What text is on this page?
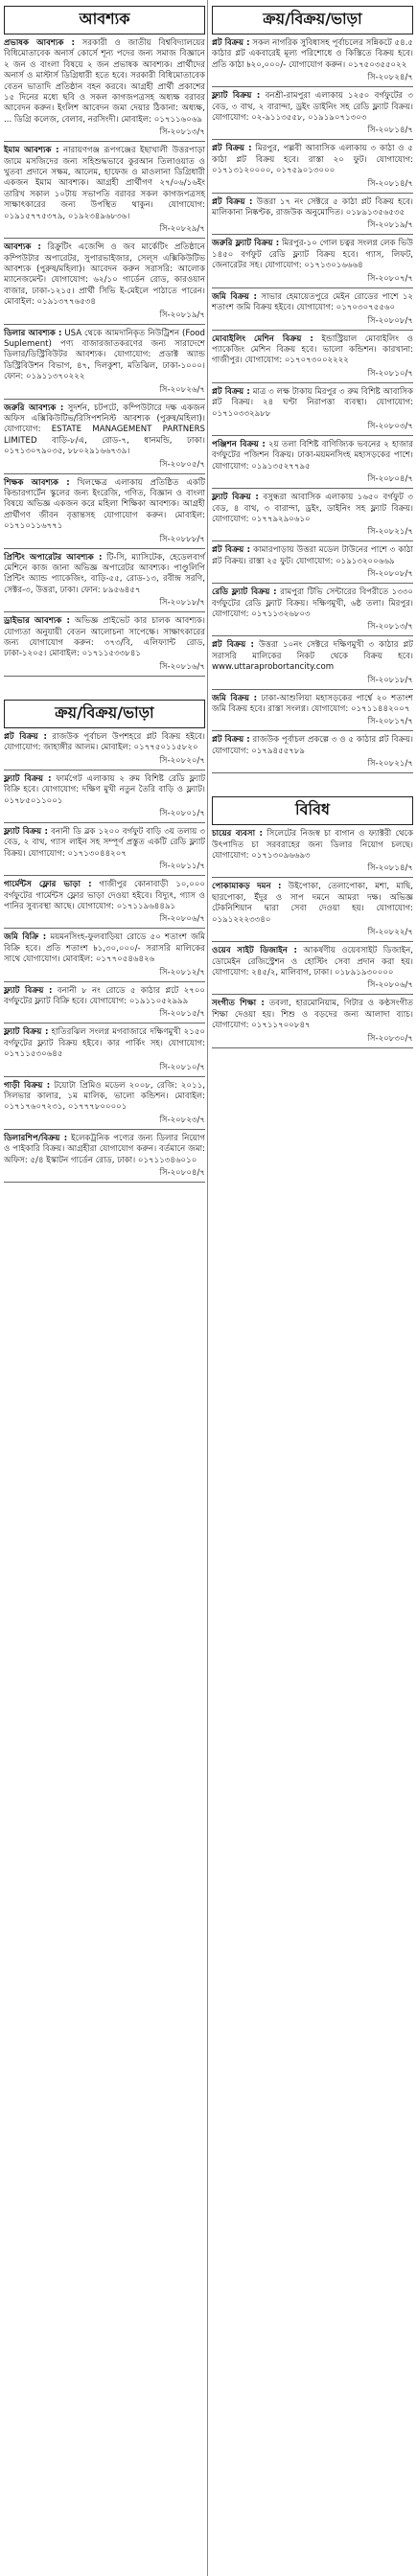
আবশ্যক
প্রভাষক আবশ্যক : সরকারী ও জাতীয় বিশ্ববিদ্যালয়ের বিধিমোতাবেক অনার্স কোর্সে শূন্য পদের জন্য সমাজ বিজ্ঞানে ২ জন ও বাংলা বিষয়ে ২ জন প্রভাষক আবশ্যক। প্রার্থীদের অনার্স ও মাস্টার্স ডিগ্রিধারী হতে হবে। সরকারী বিধিমোতাবেক বেতন ভাতাদি প্রতিষ্ঠান বহন করবে। আগ্রহী প্রার্থী প্রকাশের ১৫ দিনের মধ্যে ছবি ও সকল কাগজপত্রসহ অধ্যক্ষ বরাবর আবেদন করুন। ইংলিশ আবেদন জমা দেয়ার ঠিকানা: অধ্যক্ষ, ... ডিগ্রি কলেজ, বেলাব, নরসিংদী। মোবাইল: ০১৭১১৬০৬৯
সি-২০৮১৩/৭
ইমাম আবশ্যক : নারায়ণগঞ্জ রূপগঞ্জের ইছাখালী উত্তরপাড়া জামে মসজিদের জন্য সহিশুদ্ধভাবে কুরআন তিলাওয়াত ও খুতবা প্রদানে সক্ষম, আলেম, হাফেজ ও মাওলানা ডিগ্রিধারী একজন ইমাম আবশ্যক। আগ্রহী প্রার্থীগণ ২৭/০৬/১৬ইং তারিখ সকাল ১০টায় সভাপতি বরাবর সকল কাগজপত্রসহ সাক্ষাৎকারের জন্য উপস্থিত থাকুন। যোগাযোগ: ০১৯১৫৭৭৫৩৭৯, ০১৯২৩৪৯৬৮৩৬।
সি-২০৮২৯/৭
আবশ্যক : রিক্রুটিং এজেন্সি ও জব মার্কেটিং প্রতিষ্ঠানে কম্পিউটার অপারেটর, সুপারভাইজার, সেল্স এক্সিকিউটিভ আবশ্যক (পুরুষ/মহিলা)। আবেদন করুন সরাসরি: আলোক ম্যানেজমেন্ট। যোগাযোগ: ৬২/১০ গার্ডেন রোড, কারওয়ান বাজার, ঢাকা-১২১৫। প্রার্থী সিভি ই-মেইলে পাঠাতে পারেন। মোবাইল: ০১৯১৩৭৭৬৫৩৪
সি-২০৮১৯/৭
ডিলার আবশ্যক : USA থেকে আমদানিকৃত নিউট্রিশন (Food Suplement) পণ্য বাজারজাতকরণের জন্য সারাদেশে ডিলার/ডিস্ট্রিবিউটর আবশ্যক। যোগাযোগ: প্রডাক্ট অ্যান্ড ডিস্ট্রিবিউশন বিভাগ, ৪৭, দিলকুশা, মতিঝিল, ঢাকা-১০০০। ফোন: ০১৯১১৩৭০২২২
সি-২০৮২৬/৭
জরুরি আবশ্যক : সুদর্শন, চটপটে, কম্পিউটারে দক্ষ একজন অফিস এক্সিকিউটিভ/রিসিপশনিস্ট আবশ্যক (পুরুষ/মহিলা)। যোগাযোগ: ESTATE MANAGEMENT PARTNERS LIMITED বাড়ি-৮/এ, রোড-৭, ধানমন্ডি, ঢাকা। ০১৭১৩০৭৯০৩৫, ৮৮০২৯১৬৬৭৩৯।
সি-২০৮০৫/৭
শিক্ষক আবশ্যক : খিলক্ষেত্র এলাকায় প্রতিষ্ঠিত একটি কিন্ডারগার্টেন স্কুলের জন্য ইংরেজি, গণিত, বিজ্ঞান ও বাংলা বিষয়ে অভিজ্ঞ একজন করে মহিলা শিক্ষিকা আবশ্যক। আগ্রহী প্রার্থীগণ জীবন বৃত্তান্তসহ যোগাযোগ করুন। মোবাইল: ০১৭১০১১৬৭৭১
সি-২০৮৮৮/৭
প্রিন্টিং অপারেটর আবশ্যক : টি-সি, ম্যাসিটেক, হেডেলবার্গ মেশিনে কাজ জানা অভিজ্ঞ অপারেটর আবশ্যক। পাণ্ডুলিপি প্রিন্টিং অ্যান্ড প্যাকেজিং, বাড়ি-৫৫, রোড-১৩, রবীন্দ্র সরণি, সেক্টর-৩, উত্তরা, ঢাকা। ফোন: ৮৯৫৬৪৫৭
সি-২০৮১৮/৭
ড্রাইভার আবশ্যক : অভিজ্ঞ প্রাইভেট কার চালক আবশ্যক। যোগ্যতা অনুযায়ী বেতন আলোচনা সাপেক্ষে। সাক্ষাৎকারের জন্য যোগাযোগ করুন: ৩৭৩/বি, এলিফ্যান্ট রোড, ঢাকা-১২০৫। মোবাইল: ০১৭১১৫৩৩৮৪১
সি-২০৮১৬/৭
ক্রয়/বিক্রয়/ভাড়া
প্লট বিক্রয় : রাজউক পূর্বাচল উপশহরে প্লট বিক্রয় হইবে। যোগাযোগ: জাহাঙ্গীর আলম। মোবাইল: ০১৭৭৫০১১৫৮২০
সি-২০৮২০/৭
ফ্ল্যাট বিক্রয় : ফার্মগেট এলাকায় ২ রুম বিশিষ্ট রেডি ফ্ল্যাট বিক্রি হবে। যোগাযোগ: দক্ষিণ মুখী নতুন তৈরি বাড়ি ও ফ্ল্যাট। ০১৭৮৫০১১০০১
সি-২০৮০১/৭
ফ্ল্যাট বিক্রয় : বনানী ডি ব্লক ১২০০ বর্গফুট বাড়ি ৩য় তলায় ৩ বেড, ২ বাথ, গ্যাস লাইন সহ সম্পূর্ণ প্রস্তুত একটি রেডি ফ্ল্যাট বিক্রয়। যোগাযোগ: ০১৭১৩০৪৪২০৭
সি-২০৮১১/৭
গার্মেন্টস ফ্লোর ভাড়া : গাজীপুর কোনাবাড়ী ১০,০০০ বর্গফুটের গার্মেন্টস ফ্লোর ভাড়া দেওয়া হইবে। বিদ্যুৎ, গ্যাস ও পানির সুব্যবস্থা আছে। যোগাযোগ: ০১৭১১৯৬৪৪৯১
সি-২০৮০৬/৭
জমি বিক্রি : ময়মনসিংহ-ফুলবাড়িয়া রোডে ৫০ শতাংশ জমি বিক্রি হবে। প্রতি শতাংশ ৳১,৩০,০০০/- সরাসরি মালিকের সাথে যোগাযোগ। মোবাইল: ০১৭৭০৫৪৬৪২৬
সি-২০৮১২/৭
ফ্ল্যাট বিক্রয় : বনানী ৮ নং রোডে ৫ কাঠার প্লটে ২৭০০ বর্গফুটের ফ্ল্যাট বিক্রি হবে। যোগাযোগ: ০১৯১১০৫২৯৯৯
সি-২০৮১৫/৭
ফ্ল্যাট বিক্রয় : হাতিরঝিল সংলগ্ন মগবাজারে দক্ষিণমুখী ২১৫০ বর্গফুটের ফ্ল্যাট বিক্রয় হইবে। কার পার্কিং সহ। যোগাযোগ: ০১৭১১৫৩০৬৪৫
সি-২০৮১০/৭
গাড়ী বিক্রয় : টয়োটা প্রিমিও মডেল ২০০৮, রেজি: ২০১১, সিলভার কালার, ১ম মালিক, ভালো কন্ডিশন। মোবাইল: ০১৭১৭৬০৭২৩১, ০১৭৭৭৮০০০০১
সি-২০৮২৩/৭
ডিলারশিপ/বিক্রয় : ইলেকট্রনিক পণ্যের জন্য ডিলার নিয়োগ ও পাইকারি বিক্রয়। আগ্রহীরা যোগাযোগ করুন। বর্তমানে জমা: অফিস: ৫/৪ ইস্কাটন গার্ডেন রোড, ঢাকা। ০১৭১১৩৪৬০১০
সি-২০৮০৪/৭
ক্রয়/বিক্রয়/ভাড়া
প্লট বিক্রয় : সকল নাগরিক সুবিধাসহ পূর্বাচলের সন্নিকটে ৫৪.৫ কাঠার প্লট একবারেই মূল্য পরিশোধে ও কিস্তিতে বিক্রয় হবে। প্রতি কাঠা ৳২০,০০০/- যোগাযোগ করুন। ০১৭৫০৩৫৫০২২
সি-২০৮২৪/৭
ফ্ল্যাট বিক্রয় : বনশ্রী-রামপুরা এলাকায় ১২৫০ বর্গফুটের ৩ বেড, ৩ বাথ, ২ বারান্দা, ড্রইং ডাইনিং সহ রেডি ফ্ল্যাট বিক্রয়। যোগাযোগ: ০২-৯১১৩৫৫৮, ০১৯১৯০৭১৩০৩
সি-২০৮১৪/৭
প্লট বিক্রয় : মিরপুর, পল্লবী আবাসিক এলাকায় ৩ কাঠা ও ৫ কাঠা প্লট বিক্রয় হবে। রাস্তা ২০ ফুট। যোগাযোগ: ০১৭১৩১২০০০০, ০১৭৫৯০১৩০০০
সি-২০৮১৪/৭
প্লট বিক্রয় : উত্তরা ১৭ নং সেক্টরে ৫ কাঠা প্লট বিক্রয় হবে। মালিকানা নিষ্কণ্টক, রাজউক অনুমোদিত। ০১৮৯১৩৫৬৫৩৫
সি-২০৮১৯/৭
জরুরি ফ্ল্যাট বিক্রয় : মিরপুর-১০ গোল চত্বর সংলগ্ন লেক ভিউ ১৪৫০ বর্গফুট রেডি ফ্ল্যাট বিক্রয় হবে। গ্যাস, লিফট, জেনারেটর সহ। যোগাযোগ: ০১৭১৩০১৬৬৬৪
সি-২০৮০৭/৭
জমি বিক্রয় : সাভার হেমায়েতপুরে মেইন রোডের পাশে ১২ শতাংশ জমি বিক্রয় হইবে। যোগাযোগ: ০১৭০৩০৭৫৫৬০
সি-২০৮০৮/৭
মোবাইলিং মেশিন বিক্রয় : ইন্ডাস্ট্রিয়াল মোবাইলিং ও প্যাকেজিং মেশিন বিক্রয় হবে। ভালো কন্ডিশন। কারখানা: গাজীপুর। যোগাযোগ: ০১৭০৭৩০০২২২২
সি-২০৮১০/৭
প্লট বিক্রয় : মাত্র ৩ লক্ষ টাকায় মিরপুর ৩ রুম বিশিষ্ট আবাসিক প্লট বিক্রয়। ২৪ ঘণ্টা নিরাপত্তা ব্যবস্থা। যোগাযোগ: ০১৭১০৩৩২৯৮৮
সি-২০৮০৩/৭
পঞ্জিশন বিক্রয় : ২য় তলা বিশিষ্ট বাণিজ্যিক ভবনের ২ হাজার বর্গফুটের পজিশন বিক্রয়। ঢাকা-ময়মনসিংহ মহাসড়কের পাশে। যোগাযোগ: ০১৯১৩৫২৭৭৯৫
সি-২০৮০৪/৭
ফ্ল্যাট বিক্রয় : বসুন্ধরা আবাসিক এলাকায় ১৬৫০ বর্গফুট ৩ বেড, ৪ বাথ, ৩ বারান্দা, ড্রইং, ডাইনিং সহ ফ্ল্যাট বিক্রয়। যোগাযোগ: ০১৭৭৯২৯০৬১০
সি-২০৮২১/৭
প্লট বিক্রয় : কামারপাড়ায় উত্তরা মডেল টাউনের পাশে ৩ কাঠা প্লট বিক্রয়। রাস্তা ২৫ ফুট। যোগাযোগ: ০১৯১৩২০০৬৬৯
সি-২০৮০৮/৭
রেডি ফ্ল্যাট বিক্রয় : রামপুরা টিভি সেন্টারের বিপরীতে ১৩৩০ বর্গফুটের রেডি ফ্ল্যাট বিক্রয়। দক্ষিণমুখী, ৬ষ্ঠ তলা। মিরপুর। যোগাযোগ: ০১৭১১৩২৬৮০৩
সি-২০৮১৩/৭
প্লট বিক্রয় : উত্তরা ১০নং সেক্টরে দক্ষিণমুখী ৩ কাঠার প্লট সরাসরি মালিকের নিকট থেকে বিক্রয় হবে। www.uttaraprobortancity.com
সি-২০৮১৮/৭
জমি বিক্রয় : ঢাকা-আশুলিয়া মহাসড়কের পার্শ্বে ২০ শতাংশ জমি বিক্রয় হবে। রাস্তা সংলগ্ন। যোগাযোগ: ০১৭১১৪৪২০০৭
সি-২০৮১৭/৭
প্লট বিক্রয় : রাজউক পূর্বাচল প্রকল্পে ৩ ও ৫ কাঠার প্লট বিক্রয়। যোগাযোগ: ০১৭৯৪৫৫৭৮৯
সি-২০৮২১/৭
বিবিধ
চায়ের ব্যবসা : সিলেটের নিজস্ব চা বাগান ও ফ্যাক্টরী থেকে উৎপাদিত চা সরবরাহের জন্য ডিলার নিয়োগ চলছে। যোগাযোগ: ০১৭১৩০৯৬৬৯৩
সি-২০৮১৪/৭
পোকামাকড় দমন : উইপোকা, তেলাপোকা, মশা, মাছি, ছারপোকা, ইঁদুর ও সাপ দমনে আমরা দক্ষ। অভিজ্ঞ টেকনিশিয়ান দ্বারা সেবা দেওয়া হয়। যোগাযোগ: ০১৯১২২২৩৩৪০
সি-২০৮২২/৭
ওয়েব সাইট ডিজাইন : আকর্ষণীয় ওয়েবসাইট ডিজাইন, ডোমেইন রেজিস্ট্রেশন ও হোস্টিং সেবা প্রদান করা হয়। যোগাযোগ: ২৪৫/২, মালিবাগ, ঢাকা। ০১৮৯১৯৩০০০০
সি-২০৮০৬/৭
সংগীত শিক্ষা : তবলা, হারমোনিয়াম, গিটার ও কণ্ঠসংগীত শিক্ষা দেওয়া হয়। শিশু ও বড়দের জন্য আলাদা ব্যাচ। যোগাযোগ: ০১৭১১৭০০৮৪৭
সি-২০৮৩০/৭
